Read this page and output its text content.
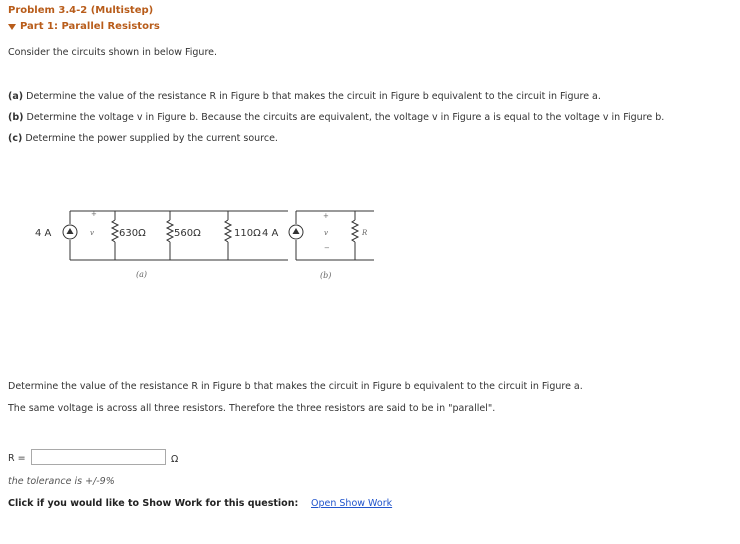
Problem 3.4-2 (Multistep)
Part 1: Parallel Resistors
Consider the circuits shown in below Figure.
(a) Determine the value of the resistance R in Figure b that makes the circuit in Figure b equivalent to the circuit in Figure a.
(b) Determine the voltage v in Figure b. Because the circuits are equivalent, the voltage v in Figure a is equal to the voltage v in Figure b.
(c) Determine the power supplied by the current source.
4 A	630Ω	560Ω	110Ω 4 A
+
v
+
v
−
R
(a)	(b)
Determine the value of the resistance R in Figure b that makes the circuit in Figure b equivalent to the circuit in Figure a.
The same voltage is across all three resistors. Therefore the three resistors are said to be in "parallel".
R =	Ω
the tolerance is +/-9%
Click if you would like to Show Work for this question: Open Show Work
